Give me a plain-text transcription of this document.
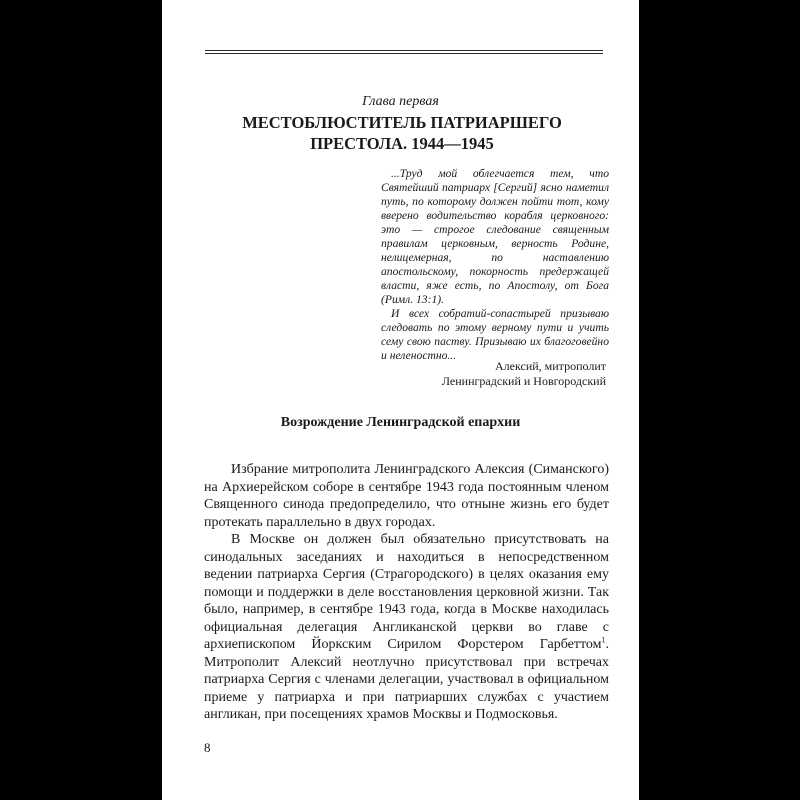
Глава первая
МЕСТОБЛЮСТИТЕЛЬ ПАТРИАРШЕГО ПРЕСТОЛА. 1944—1945

...Труд мой облегчается тем, что Святейший патриарх [Сергий] ясно наметил путь, по которому должен пойти тот, кому вверено водительство корабля церковного: это — строгое следование священным правилам церковным, верность Родине, нелицемерная, по наставлению апостольскому, покорность предержащей власти, яже есть, по Апостолу, от Бога (Римл. 13:1).

И всех собратий-сопастырей призываю следовать по этому верному пути и учить сему свою паству. Призываю их благоговейно и неленостно...

Алексий, митрополит
Ленинградский и Новгородский
Возрождение Ленинградской епархии

Избрание митрополита Ленинградского Алексия (Симанского) на Архиерейском соборе в сентябре 1943 года постоянным членом Священного синода предопределило, что отныне жизнь его будет протекать параллельно в двух городах.

В Москве он должен был обязательно присутствовать на синодальных заседаниях и находиться в непосредственном ведении патриарха Сергия (Страгородского) в целях оказания ему помощи и поддержки в деле восстановления церковной жизни. Так было, например, в сентябре 1943 года, когда в Москве находилась официальная делегация Англиканской церкви во главе с архиепископом Йоркским Сирилом Форстером Гарбеттом$^1$. Митрополит Алексий неотлучно присутствовал при встречах патриарха Сергия с членами делегации, участвовал в официальном приеме у патриарха и при патриарших службах с участием англикан, при посещениях храмов Москвы и Подмосковья.

8
